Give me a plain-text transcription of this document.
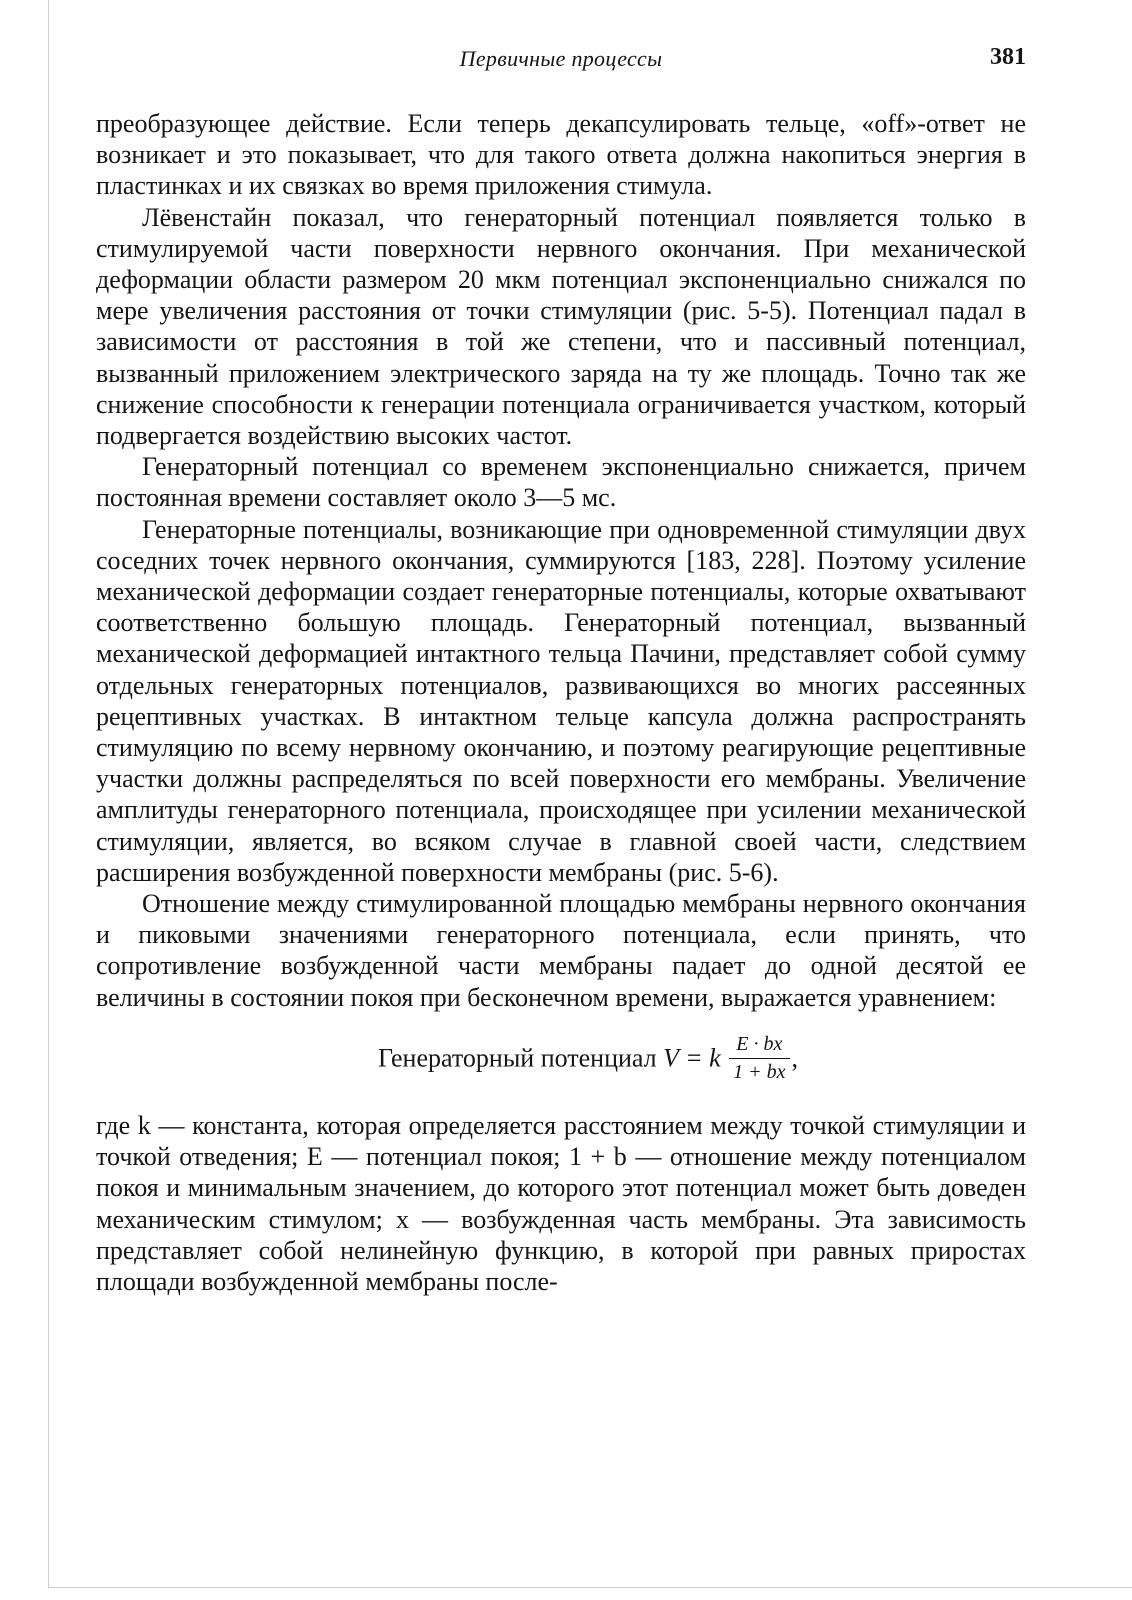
Первичные процессы	381

преобразующее действие. Если теперь декапсулировать тельце, «off»-ответ не возникает и это показывает, что для такого ответа должна накопиться энергия в пластинках и их связках во время приложения стимула.

Лёвенстайн показал, что генераторный потенциал появляется только в стимулируемой части поверхности нервного окончания. При механической деформации области размером 20 мкм потенциал экспоненциально снижался по мере увеличения расстояния от точки стимуляции (рис. 5-5). Потенциал падал в зависимости от расстояния в той же степени, что и пассивный потенциал, вызванный приложением электрического заряда на ту же площадь. Точно так же снижение способности к генерации потенциала ограничивается участком, который подвергается воздействию высоких частот.

Генераторный потенциал со временем экспоненциально снижается, причем постоянная времени составляет около 3—5 мс.

Генераторные потенциалы, возникающие при одновременной стимуляции двух соседних точек нервного окончания, суммируются [183, 228]. Поэтому усиление механической деформации создает генераторные потенциалы, которые охватывают соответственно большую площадь. Генераторный потенциал, вызванный механической деформацией интактного тельца Пачини, представляет собой сумму отдельных генераторных потенциалов, развивающихся во многих рассеянных рецептивных участках. В интактном тельце капсула должна распространять стимуляцию по всему нервному окончанию, и поэтому реагирующие рецептивные участки должны распределяться по всей поверхности его мембраны. Увеличение амплитуды генераторного потенциала, происходящее при усилении механической стимуляции, является, во всяком случае в главной своей части, следствием расширения возбужденной поверхности мембраны (рис. 5-6).

Отношение между стимулированной площадью мембраны нервного окончания и пиковыми значениями генераторного потенциала, если принять, что сопротивление возбужденной части мембраны падает до одной десятой ее величины в состоянии покоя при бесконечном времени, выражается уравнением:

Генераторный потенциал V = k $\frac{E \cdot bx}{1 + bx}$ ,

где k — константа, которая определяется расстоянием между точкой стимуляции и точкой отведения; E — потенциал покоя; 1 + b — отношение между потенциалом покоя и минимальным значением, до которого этот потенциал может быть доведен механическим стимулом; x — возбужденная часть мембраны. Эта зависимость представляет собой нелинейную функцию, в которой при равных приростах площади возбужденной мембраны после-
